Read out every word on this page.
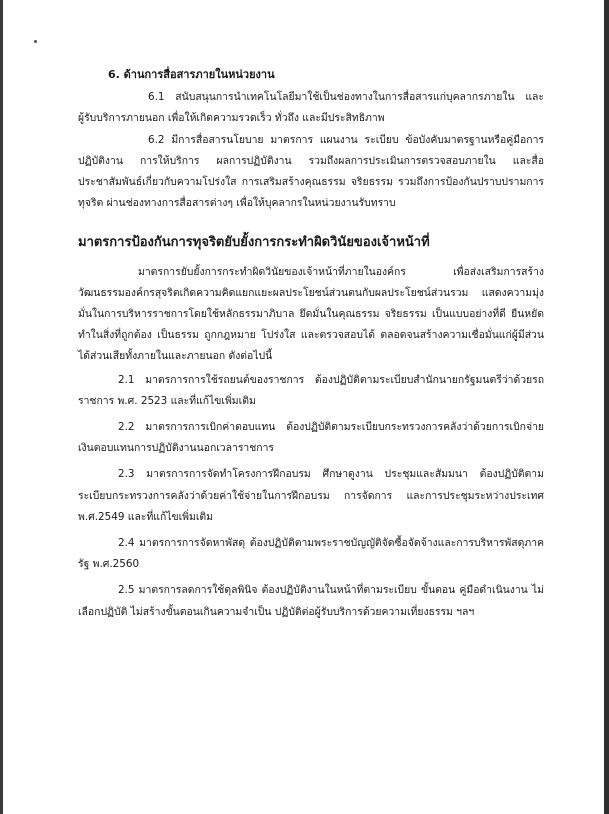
6. ด้านการสื่อสารภายในหน่วยงาน

6.1 สนับสนุนการนำเทคโนโลยีมาใช้เป็นช่องทางในการสื่อสารแก่บุคลากรภายใน และผู้รับบริการภายนอก เพื่อให้เกิดความรวดเร็ว ทั่วถึง และมีประสิทธิภาพ

6.2 มีการสื่อสารนโยบาย มาตรการ แผนงาน ระเบียบ ข้อบังคับมาตรฐานหรือคู่มือการปฏิบัติงาน การให้บริการ ผลการปฏิบัติงาน รวมถึงผลการประเมินการตรวจสอบภายใน และสื่อประชาสัมพันธ์เกี่ยวกับความโปร่งใส การเสริมสร้างคุณธรรม จริยธรรม รวมถึงการป้องกันปราบปรามการทุจริต ผ่านช่องทางการสื่อสารต่างๆ เพื่อให้บุคลากรในหน่วยงานรับทราบ

มาตรการป้องกันการทุจริตยับยั้งการกระทำผิดวินัยของเจ้าหน้าที่

มาตรการยับยั้งการกระทำผิดวินัยของเจ้าหน้าที่ภายในองค์กร เพื่อส่งเสริมการสร้างวัฒนธรรมองค์กรสุจริตเกิดความคิดแยกแยะผลประโยชน์ส่วนตนกับผลประโยชน์ส่วนรวม แสดงความมุ่งมั่นในการบริหารราชการโดยใช้หลักธรรมาภิบาล ยึดมั่นในคุณธรรม จริยธรรม เป็นแบบอย่างที่ดี ยืนหยัดทำในสิ่งที่ถูกต้อง เป็นธรรม ถูกกฎหมาย โปร่งใส และตรวจสอบได้ ตลอดจนสร้างความเชื่อมั่นแก่ผู้มีส่วนได้ส่วนเสียทั้งภายในและภายนอก ดังต่อไปนี้

2.1 มาตรการการใช้รถยนต์ของราชการ ต้องปฏิบัติตามระเบียบสำนักนายกรัฐมนตรีว่าด้วยรถราชการ พ.ศ. 2523 และที่แก้ไขเพิ่มเติม

2.2 มาตรการการเบิกค่าตอบแทน ต้องปฏิบัติตามระเบียบกระทรวงการคลังว่าด้วยการเบิกจ่ายเงินตอบแทนการปฏิบัติงานนอกเวลาราชการ

2.3 มาตรการการจัดทำโครงการฝึกอบรม ศึกษาดูงาน ประชุมและสัมมนา ต้องปฏิบัติตามระเบียบกระทรวงการคลังว่าด้วยค่าใช้จ่ายในการฝึกอบรม การจัดการ และการประชุมระหว่างประเทศ พ.ศ.2549 และที่แก้ไขเพิ่มเติม

2.4 มาตรการการจัดหาพัสดุ ต้องปฏิบัติตามพระราชบัญญัติจัดซื้อจัดจ้างและการบริหารพัสดุภาครัฐ พ.ศ.2560

2.5 มาตรการลดการใช้ดุลพินิจ ต้องปฏิบัติงานในหน้าที่ตามระเบียบ ขั้นตอน คู่มือดำเนินงาน ไม่เลือกปฏิบัติ ไม่สร้างขั้นตอนเกินความจำเป็น ปฏิบัติต่อผู้รับบริการด้วยความเที่ยงธรรม ฯลฯ
